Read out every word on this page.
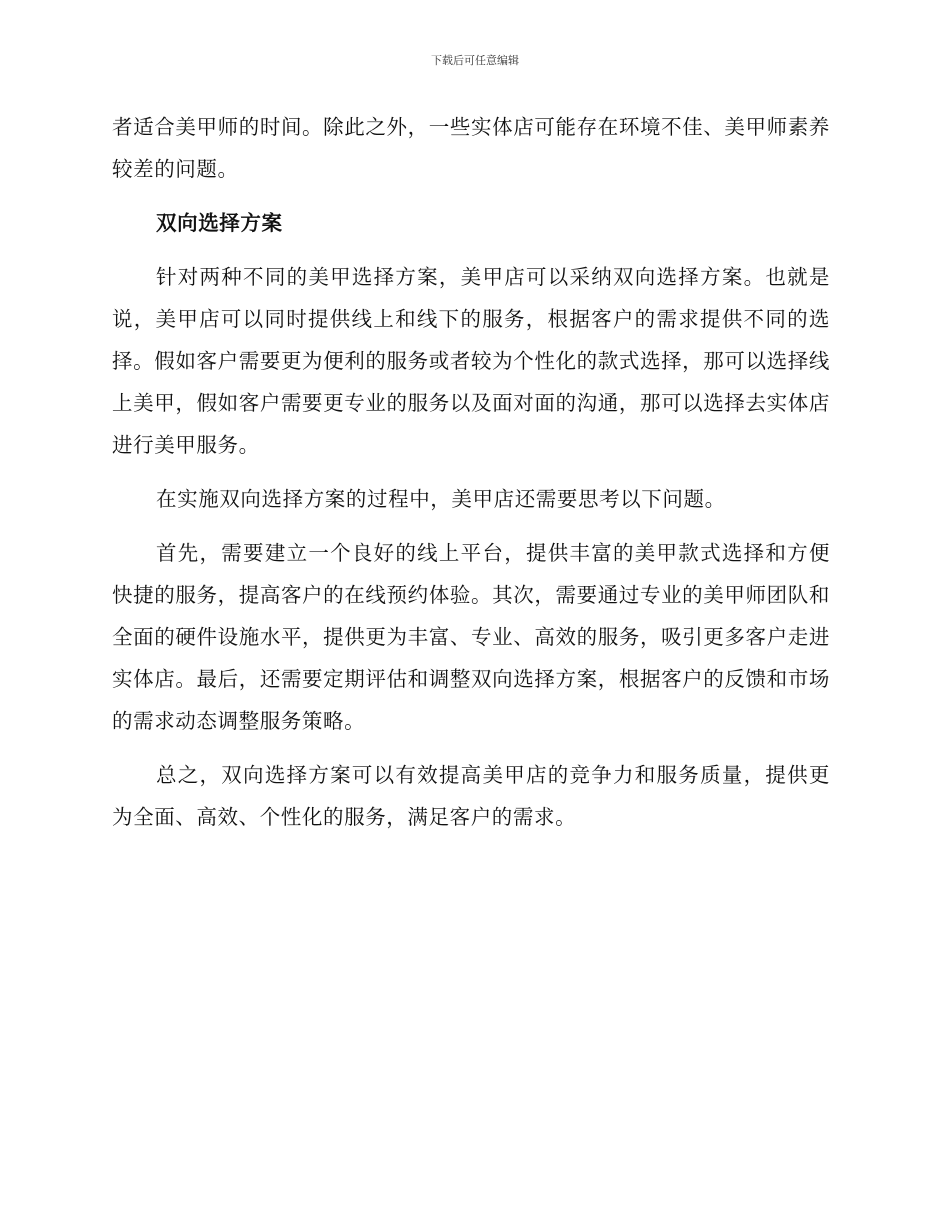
下载后可任意编辑

者适合美甲师的时间。除此之外，一些实体店可能存在环境不佳、美甲师素养较差的问题。

双向选择方案

针对两种不同的美甲选择方案，美甲店可以采纳双向选择方案。也就是说，美甲店可以同时提供线上和线下的服务，根据客户的需求提供不同的选择。假如客户需要更为便利的服务或者较为个性化的款式选择，那可以选择线上美甲，假如客户需要更专业的服务以及面对面的沟通，那可以选择去实体店进行美甲服务。

在实施双向选择方案的过程中，美甲店还需要思考以下问题。

首先，需要建立一个良好的线上平台，提供丰富的美甲款式选择和方便快捷的服务，提高客户的在线预约体验。其次，需要通过专业的美甲师团队和全面的硬件设施水平，提供更为丰富、专业、高效的服务，吸引更多客户走进实体店。最后，还需要定期评估和调整双向选择方案，根据客户的反馈和市场的需求动态调整服务策略。

总之，双向选择方案可以有效提高美甲店的竞争力和服务质量，提供更为全面、高效、个性化的服务，满足客户的需求。
